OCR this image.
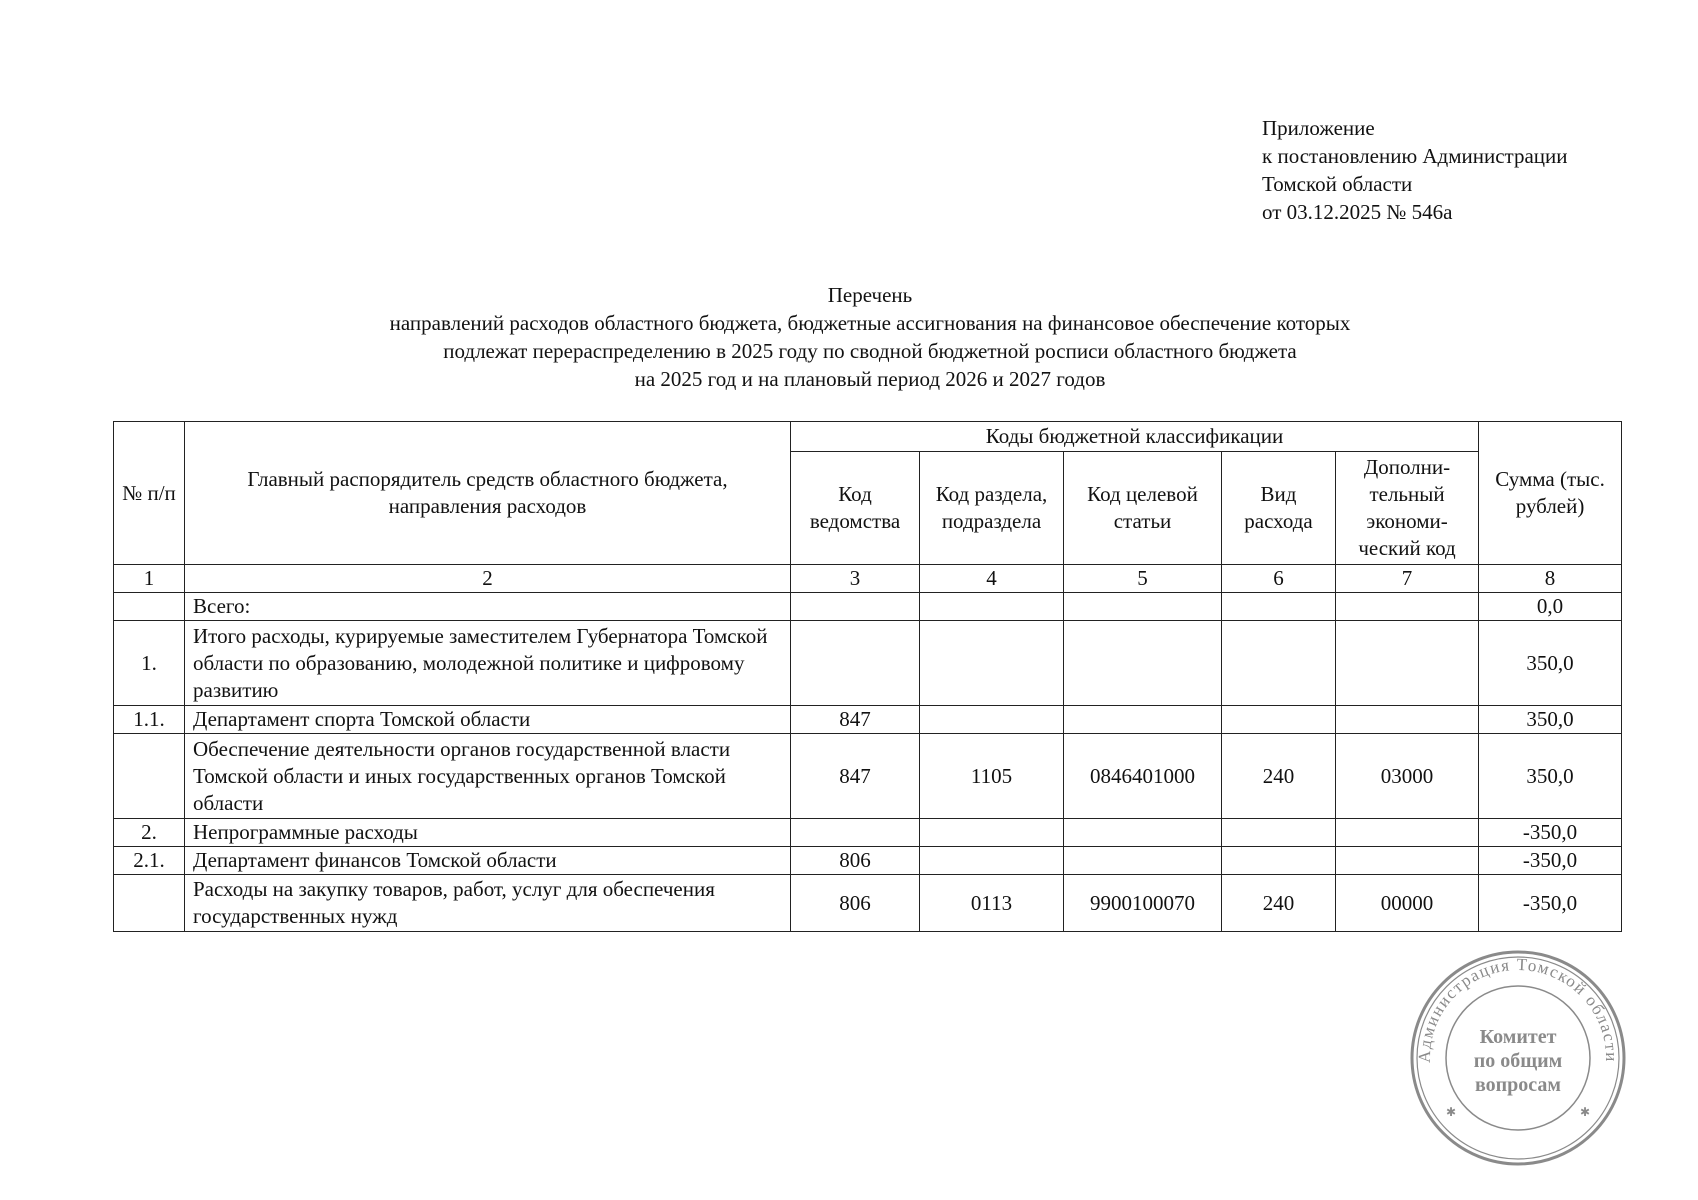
Приложение
к постановлению Администрации
Томской области
от 03.12.2025 № 546а
Перечень
направлений расходов областного бюджета, бюджетные ассигнования на финансовое обеспечение которых
подлежат перераспределению в 2025 году по сводной бюджетной росписи областного бюджета
на 2025 год и на плановый период 2026 и 2027 годов
№ п/п	Главный распорядитель средств областного бюджета, направления расходов	Коды бюджетной классификации					Сумма (тыс. рублей)
		Код ведомства	Код раздела, подраздела	Код целевой статьи	Вид расхода	Дополни-тельный экономи-ческий код	
1	2	3	4	5	6	7	8
	Всего:						0,0
1.	Итого расходы, курируемые заместителем Губернатора Томской области по образованию, молодежной политике и цифровому развитию						350,0
1.1.	Департамент спорта Томской области	847					350,0
	Обеспечение деятельности органов государственной власти Томской области и иных государственных органов Томской области	847	1105	0846401000	240	03000	350,0
2.	Непрограммные расходы						-350,0
2.1.	Департамент финансов Томской области	806					-350,0
	Расходы на закупку товаров, работ, услуг для обеспечения государственных нужд	806	0113	9900100070	240	00000	-350,0
Администрация Томской области
Комитет
по общим
вопросам
✱	✱
